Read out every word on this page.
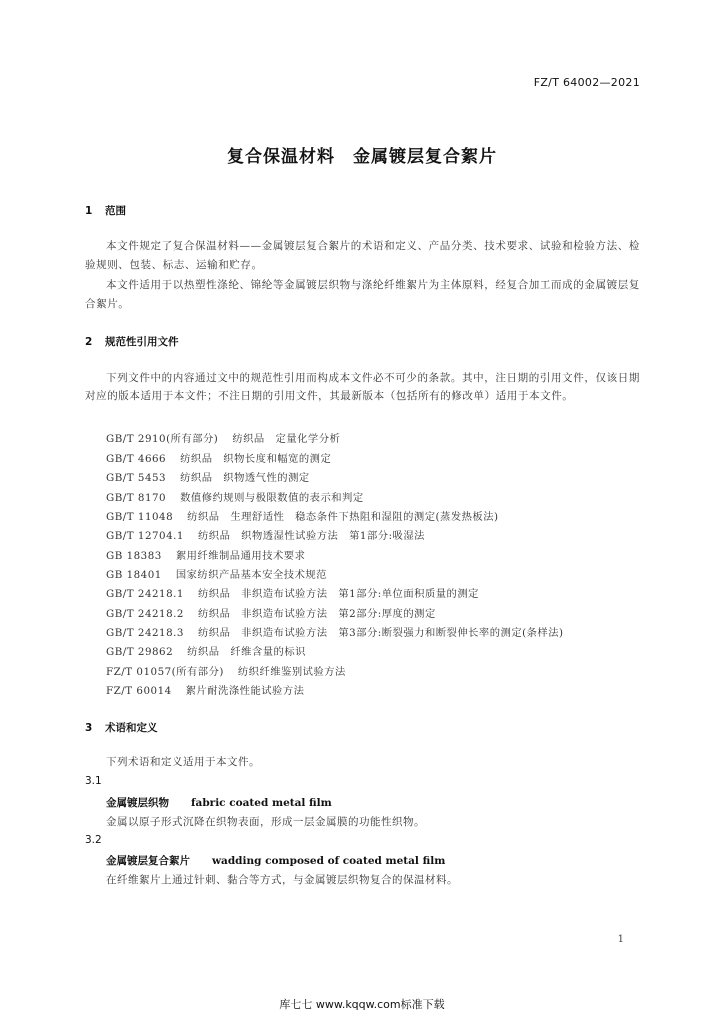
FZ/T 64002—2021
复合保温材料　金属镀层复合絮片
1 范围
本文件规定了复合保温材料——金属镀层复合絮片的术语和定义、产品分类、技术要求、试验和检验方法、检验规则、包装、标志、运输和贮存。
本文件适用于以热塑性涤纶、锦纶等金属镀层织物与涤纶纤维絮片为主体原料，经复合加工而成的金属镀层复合絮片。
2 规范性引用文件
下列文件中的内容通过文中的规范性引用而构成本文件必不可少的条款。其中，注日期的引用文件，仅该日期对应的版本适用于本文件；不注日期的引用文件，其最新版本（包括所有的修改单）适用于本文件。
GB/T 2910(所有部分) 纺织品　定量化学分析
GB/T 4666 纺织品　织物长度和幅宽的测定
GB/T 5453 纺织品　织物透气性的测定
GB/T 8170 数值修约规则与极限数值的表示和判定
GB/T 11048 纺织品　生理舒适性　稳态条件下热阻和湿阻的测定(蒸发热板法)
GB/T 12704.1 纺织品　织物透湿性试验方法　第1部分:吸湿法
GB 18383 絮用纤维制品通用技术要求
GB 18401 国家纺织产品基本安全技术规范
GB/T 24218.1 纺织品　非织造布试验方法　第1部分:单位面积质量的测定
GB/T 24218.2 纺织品　非织造布试验方法　第2部分:厚度的测定
GB/T 24218.3 纺织品　非织造布试验方法　第3部分:断裂强力和断裂伸长率的测定(条样法)
GB/T 29862 纺织品　纤维含量的标识
FZ/T 01057(所有部分) 纺织纤维鉴别试验方法
FZ/T 60014 絮片耐洗涤性能试验方法
3 术语和定义
下列术语和定义适用于本文件。
3.1
金属镀层织物 fabric coated metal film
金属以原子形式沉降在织物表面，形成一层金属膜的功能性织物。
3.2
金属镀层复合絮片 wadding composed of coated metal film
在纤维絮片上通过针刺、黏合等方式，与金属镀层织物复合的保温材料。
1
库七七 www.kqqw.com标准下载
